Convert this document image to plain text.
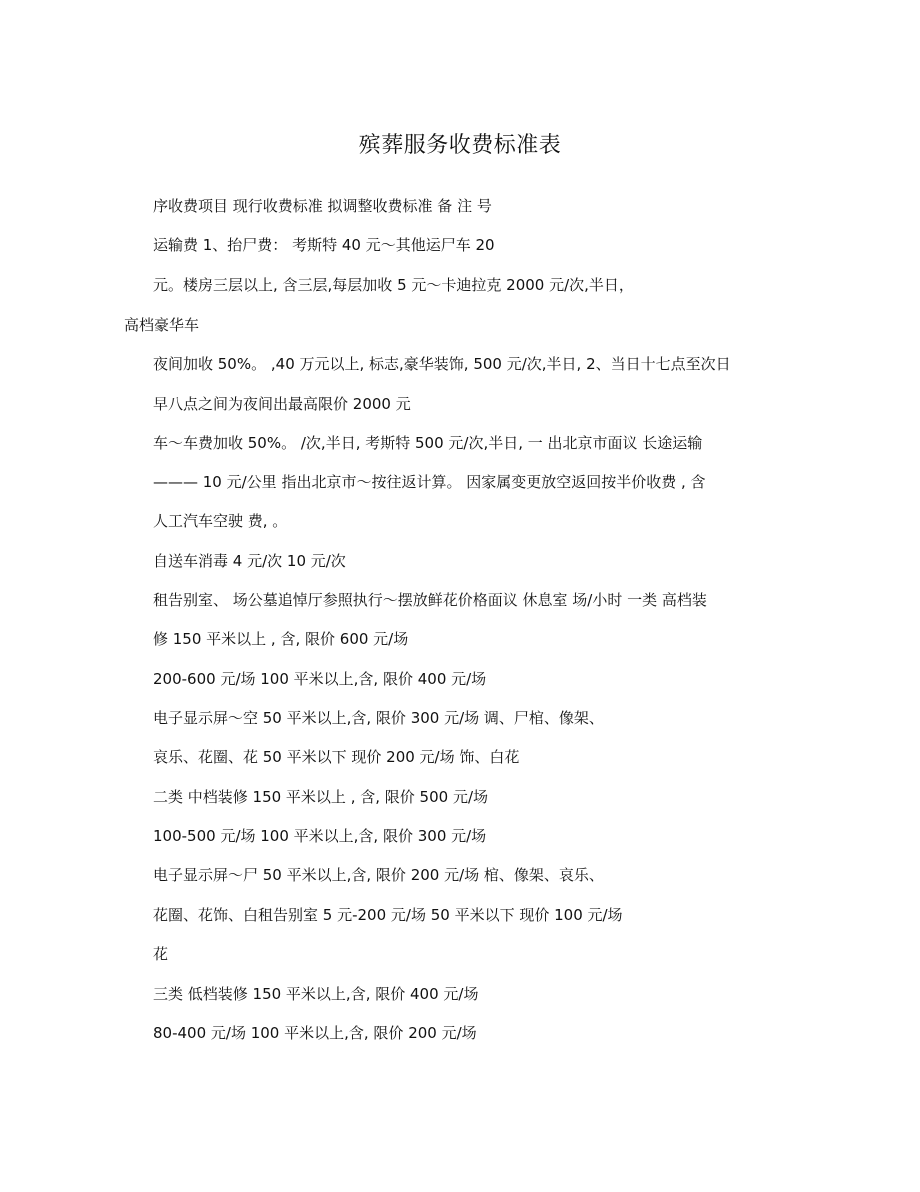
殡葬服务收费标准表

序收费项目 现行收费标准 拟调整收费标准 备 注 号

运输费 1、抬尸费： 考斯特 40 元～其他运尸车 20

元。楼房三层以上, 含三层,每层加收 5 元～卡迪拉克 2000 元/次,半日，

高档豪华车

夜间加收 50%。 ,40 万元以上, 标志,豪华装饰, 500 元/次,半日, 2、当日十七点至次日

早八点之间为夜间出最高限价 2000 元

车～车费加收 50%。 /次,半日, 考斯特 500 元/次,半日, 一 出北京市面议 长途运输

——— 10 元/公里 指出北京市～按往返计算。 因家属变更放空返回按半价收费 , 含

人工汽车空驶 费, 。

自送车消毒 4 元/次 10 元/次

租告别室、 场公墓追悼厅参照执行～摆放鲜花价格面议 休息室 场/小时 一类 高档装

修 150 平米以上 , 含, 限价 600 元/场

200-600 元/场 100 平米以上,含, 限价 400 元/场

电子显示屏～空 50 平米以上,含, 限价 300 元/场 调、尸棺、像架、

哀乐、花圈、花 50 平米以下 现价 200 元/场 饰、白花

二类 中档装修 150 平米以上 , 含, 限价 500 元/场

100-500 元/场 100 平米以上,含, 限价 300 元/场

电子显示屏～尸 50 平米以上,含, 限价 200 元/场 棺、像架、哀乐、

花圈、花饰、白租告别室 5 元-200 元/场 50 平米以下 现价 100 元/场

花

三类 低档装修 150 平米以上,含, 限价 400 元/场

80-400 元/场 100 平米以上,含, 限价 200 元/场
